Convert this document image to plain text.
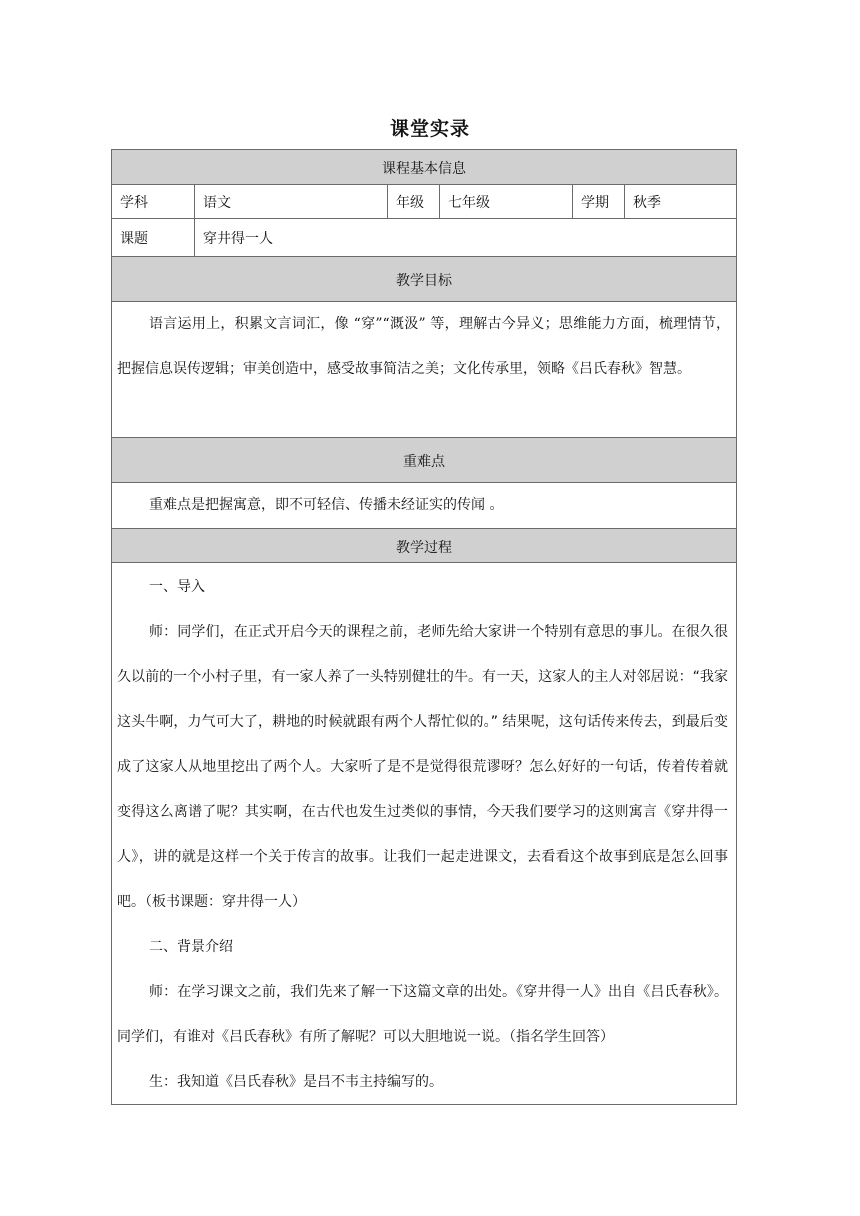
课堂实录
课程基本信息
学科	语文	年级	七年级	学期	秋季
课题	穿井得一人
教学目标

语言运用上，积累文言词汇，像 “穿”“溉汲” 等，理解古今异义；思维能力方面，梳理情节，把握信息误传逻辑；审美创造中，感受故事简洁之美；文化传承里，领略《吕氏春秋》智慧。

重难点

重难点是把握寓意，即不可轻信、传播未经证实的传闻 。

教学过程

一、导入

师：同学们，在正式开启今天的课程之前，老师先给大家讲一个特别有意思的事儿。在很久很久以前的一个小村子里，有一家人养了一头特别健壮的牛。有一天，这家人的主人对邻居说：“我家这头牛啊，力气可大了，耕地的时候就跟有两个人帮忙似的。” 结果呢，这句话传来传去，到最后变成了这家人从地里挖出了两个人。大家听了是不是觉得很荒谬呀？怎么好好的一句话，传着传着就变得这么离谱了呢？其实啊，在古代也发生过类似的事情，今天我们要学习的这则寓言《穿井得一人》，讲的就是这样一个关于传言的故事。让我们一起走进课文，去看看这个故事到底是怎么回事吧。（板书课题：穿井得一人）

二、背景介绍

师：在学习课文之前，我们先来了解一下这篇文章的出处。《穿井得一人》出自《吕氏春秋》。同学们，有谁对《吕氏春秋》有所了解呢？可以大胆地说一说。（指名学生回答）

生：我知道《吕氏春秋》是吕不韦主持编写的。
